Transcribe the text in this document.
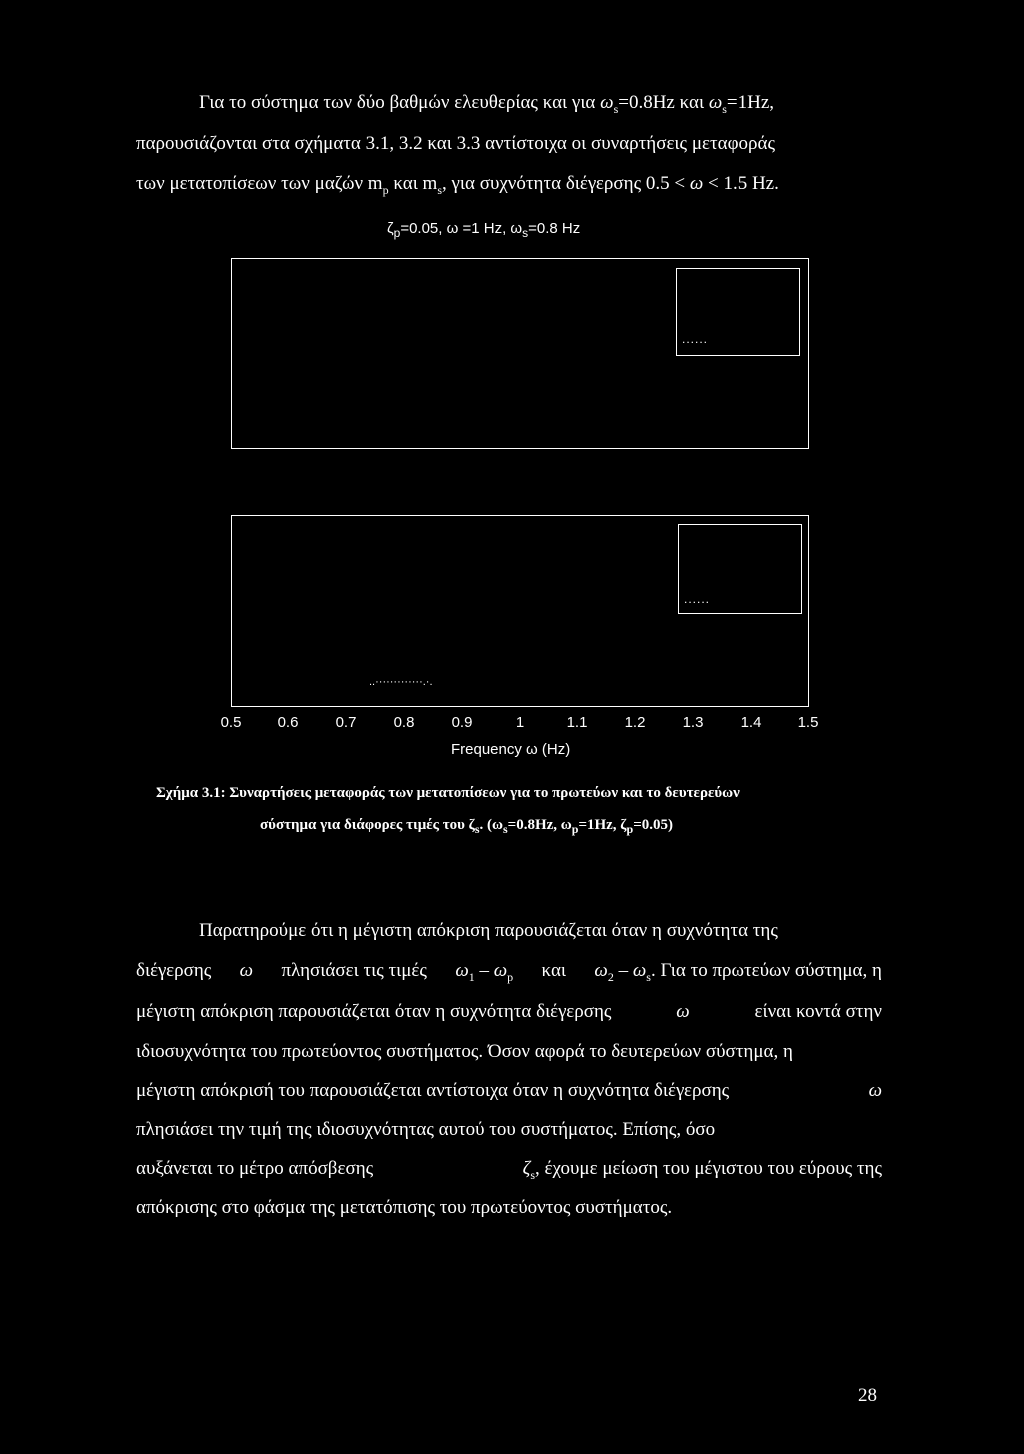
Για το σύστημα των δύο βαθμών ελευθερίας και για $\omega_s=0.8Hz$ και $\omega_s=1Hz$,
παρουσιάζονται στα σχήματα 3.1, 3.2 και 3.3 αντίστοιχα οι συναρτήσεις μεταφοράς
των μετατοπίσεων των μαζών $m_p$ και $m_s$, για συχνότητα διέγερσης 0.5 < ω < 1.5 Hz.
$\zeta_p=0.05$, ω =1 Hz, $\omega_s=0.8$ Hz
......
......
..·············.·.
0.5 0.6 0.7 0.8 0.9	1	1.1 1.2 1.3 1.4 1.5
Frequency ω (Hz)
Σχήμα 3.1: Συναρτήσεις μεταφοράς των μετατοπίσεων για το πρωτεύων και το δευτερεύων
σύστημα για διάφορες τιμές του $\zeta_s$. ($\omega_s=0.8Hz$, $\omega_p=1Hz$, $\zeta_p=0.05$)
Παρατηρούμε ότι η μέγιστη απόκριση παρουσιάζεται όταν η συχνότητα της
διέγερσης ω πλησιάσει τις τιμές $\omega_1 - \omega_p$ και $\omega_2 - \omega_s$. Για το πρωτεύων σύστημα, η
μέγιστη απόκριση παρουσιάζεται όταν η συχνότητα διέγερσης	ω	είναι κοντά στην
ιδιοσυχνότητα του πρωτεύοντος συστήματος. Όσον αφορά το δευτερεύων σύστημα, η
μέγιστη απόκρισή του παρουσιάζεται αντίστοιχα όταν η συχνότητα διέγερσης	ω
πλησιάσει την τιμή της ιδιοσυχνότητας αυτού του συστήματος. Επίσης, όσο
αυξάνεται το μέτρο απόσβεσης	$\zeta_s$, έχουμε μείωση του μέγιστου του εύρους της
απόκρισης στο φάσμα της μετατόπισης του πρωτεύοντος συστήματος.
28
